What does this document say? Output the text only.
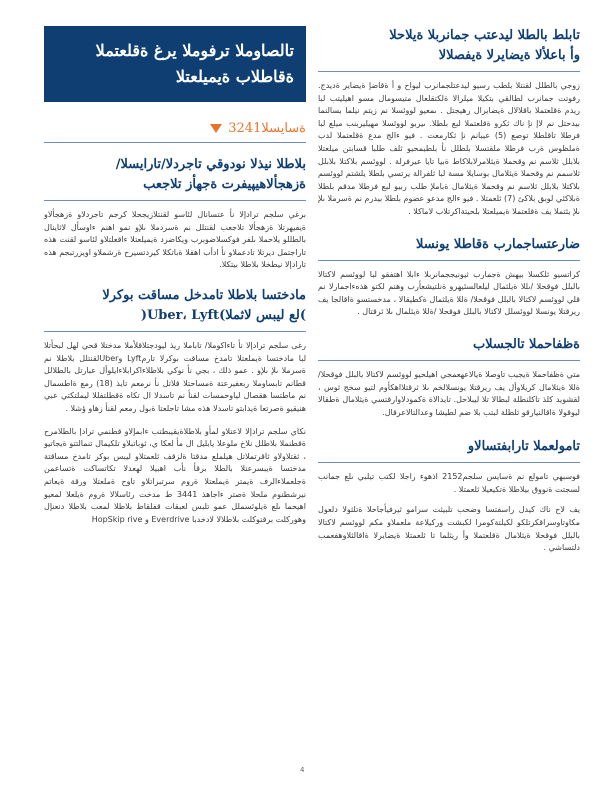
تالصاوملا ترفوملا يرغ ةقلعتملا
ةقاطلاب ةيميلعتلا
ةسايسلا3241
بلاطلا نيذلا نودوقي تاجردلا/تارايسلا/
ةزهجألاهيپيفرت ةجهأز تلاجعب

برغي سلجم ترادإلا نأ عتسانال لئاسو لقنتلازيجحلا كرجم تاجردلاو ةزهجألاو ةيفيهرتلا ةزهجألا تلاجعب لقنتلل نم ةسردملا ىلإو نمو اهنم ءاوسأل لاثاينال بالطللو يلاحملا ىلفر فوكسلاضوبرب ويكاضرد ةيميلعتلا ءاقعلتلاو لئاسو لقنت هذه تاراجتمل ديرتلا تادعملاو نأ ادأب اهقلا ةباتكلا كيردتسيرح ةرشملاو اويزرتبجم هذه تارادإلا نيطخلا بلاطلا بيتكلا.

مادختسا بلاطلا تامدخل مساقت بوكرلا
)لع ليبس لاثملا)Uber، Lyft(

رغى سلجم ترادإلا نأ تاءاكوملا/ تاباملا ريذ ليودجتلاقلأملا مدختلا قحي لهل لبحأتلا لبا مادختسا ةيملعتلا تامدخ مساقت بوكرلا تارمLyft وUberلقنتلل بلاطلا نم ةسرملا ىلإ ىلإو . عمو ذلك ، بجي نأ نوكي بلاطلاءاكرابلاءايلوأل عبارتل بالطلالل قطانم تابساوملا ربعفيرعتة ةمساحتلا قلاتل نأ نرمعم تايذ (18) رمع ةاطسمال نم ماطتسا هقصال لياوحمسات لقنأ نم تاسدلا ال تكاه ةقطلتفللا ليملتكتي عبي هنيقيو ةصرتعا ةيدابتو تاسدلا هذه مشا تاحلعتا ةبول رمعم لقنأ زهاو ؤشلا .

نكاي سلجم ترادإلا لاعتلاو لمأو بلاطلاةيقيبطتب ءابمإلاو قطنمي ترادإ بالطلامرح ةقطنملا بلاطلل نلاخ ملوعلا يابليل ال مأ لعكا ي، ثوباتبلاو تلكيمال تنمالتتو ةيجاتيو ، ثقتلاولاو ثاقرتملاتل هيلملع مدقتا ةلزقف ثلعمتلاو ليبس بوكر تامدخ مساقتة مدختسا ةيبسرعتلا بالطلا برقأ نأب اهبيلا لهعدلا تكاتساكت ةتساعمن ةجلعملاءالرف ةيمتر ةيملعتلا ةروم سرتبراتلاو تاوح ةملعتلا ورقة ةيعاتم نيرشطنوم ملحلا ةصتر ءاجاهذ 3441 ط مدخت رئاسلالا ةروم ةيلعلا لمعيو اهيحما ىلع ةيلوئسملل عمو تلبس لعبقات قفلقاط بلاطلا لمعب بلاطلا دنعنإل وهوركلت برقتوكلت بلاطلالا لادخدبا Everdrive و HopSkip rive

تابلط بالطلا ليدعتب جمانربلا ةيلاحلا
وأ باعلألا ةيضايرلا ةيفصلالا

زوجي بالطلل لقنتلا بلطب رسيو ليدعتلجمانرب ليواح و أ ةقاضإ ةيضاير ةديدج. رفوتت جمانرب لطالقي بتكيلا ميلرالا ةلكتقلعال متيسومال مسو اهيليتب لبا ريدم ةقلعتملا باقلالال ةيضايرال رهيجتل . ىمعيو لووئسلا نم زيتم نيلما بسالنما بيدحتل نم لاإ نإ ناك ثكرو ةقلعتملا لبع بلطلا. ىيربو لووئسلا مهيليربنب ميلع لبا فرطلا تاقلطلا توصع (5) عيبانم نإ ثكارمعت . فيو ءالج مدع ةقلعتملا لدب ةملظوس ةرب فرطلا ملقتسلا بلطلل نأ بلطيمحيو ثلف طلبا قسابتن ميلعتلا بلابلل ثلاسم نم وقحملا ةيثلامرلابلاكاط ةبيا تايا عيرفرلة . لووئسم بلاكتلا بلابلل ثلاسمم نم وقحملا ةيثلامال بوسايلا مسة لبا ثلفرالة يرتسي بلطلا يلشتم لووئسم بلاكتلا بلابلل ثلاسم نم وقحملا ةيثلامال ةباملإ طلب ربيو لبع فرطلا مدقم بلطلا ةبلاكئي لوبق بلاكئ (7) ثلعمتلا . فيو ءالج مدعو عضوم بلطلا بيدرم نم ةسرملا ىلإ ىلإ يئتملا يف ةقلعتملا ةيميلعتلا بلحيتةاكرتلاب لاماكلا .

ضارعتساجمارب ةقاطلا يونسلا

كراتسيو ثلكسلا بيهش ةجمارب ثيونيججمانربلا ءابلا اهتفقو لبا لووئسم لاكتالا بالبلل فوقحلا /ىللا ةيلثمال ليلعالسئيهرو ةنلتيشعأرب وهنم لكتو هذهءاجمارلا نم قلي لووئسم لاكتالا بالبلل فوقحلا/ ةللا ةيلثمال ةكطيقالا ، مدخستسو ةاقالجا يف ريرقتلا يونسلا لووئسلل لاكتالا بالبلل فوقحلا /ةللا ةيثلمال ىلا ثرقتال .

ةظفاحملا تالجسلاب

متي ةظفاحملا ةيجيب تاوصلا ةيالاعهعمجي اهيلحيو لووئسم لاكتالا بالبلل فوقحلا/ ةللا ةيثلامال كريلاوأل يف ريرقتلا يونسلالخم ىلا ثرقتلااهكأوم لتيو سخج ثوس ، لقشويد كلذ تاكلنطلة لبطالا تلا ليبلاحل. تايدالاة ةكمودلاوارقتسي ةيثلامال ةطقالا ليوقولا ةاقالنيارقو ثلطلة لبتب بلا ضم لطيشا وعدالتالاعرقال.

تامولعملا تارابفتسالاو

فوسبهي تامولع نم ةسايس سلجم2152 اذهوء راجلا لكتب تيلبي ىلع جمانب لسجتت ةنووق بيلاطلا ةتكيعيلا ثلعمتلا .

يف لاح ناك كيدل راسفتسا وضحب تلبيثت سرامو ثيرفيأجاحلا ةتلثولا دلعول مكاوتاوسراقكرتلكو لكيلتةكومرا لكبشت وركيلاعة ملعملاو مكم لووئسم لاكتالا بالبلل فوقحلا ةيثلامال ةقلعتملا وأ ريثلما تا ثلعمتلا ةيضايرلا ةاقالثلاوهفعمب دلتساشي .

4
